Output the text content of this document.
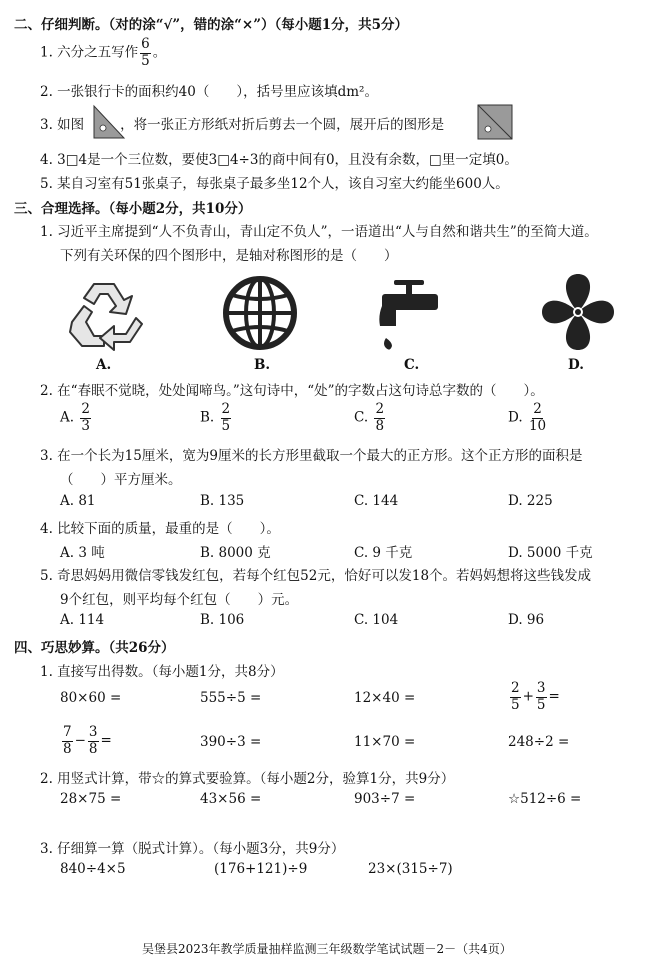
二、仔细判断。（对的涂“√”，错的涂“×”）（每小题1分，共5分）
1. 六分之五写作 $\frac{6}{5}$ 。
2. 一张银行卡的面积约40（　　），括号里应该填dm²。
3. 如图	，将一张正方形纸对折后剪去一个圆，展开后的图形是
4. 3□4是一个三位数，要使3□4÷3的商中间有0，且没有余数，□里一定填0。
5. 某自习室有51张桌子，每张桌子最多坐12个人，该自习室大约能坐600人。
三、合理选择。（每小题2分，共10分）
1. 习近平主席提到“人不负青山，青山定不负人”，一语道出“人与自然和谐共生”的至简大道。
下列有关环保的四个图形中，是轴对称图形的是（　　）
A.	B.	C.	D.
2. 在“春眠不觉晓，处处闻啼鸟。”这句诗中，“处”的字数占这句诗总字数的（　　）。
A. $\frac{2}{3}$	B. $\frac{2}{5}$	C. $\frac{2}{8}$	D. $\frac{2}{10}$
3. 在一个长为15厘米，宽为9厘米的长方形里截取一个最大的正方形。这个正方形的面积是
（　　）平方厘米。
A. 81	B. 135	C. 144	D. 225
4. 比较下面的质量，最重的是（　　）。
A. 3 吨	B. 8000 克	C. 9 千克	D. 5000 千克
5. 奇思妈妈用微信零钱发红包，若每个红包52元，恰好可以发18个。若妈妈想将这些钱发成
9个红包，则平均每个红包（　　）元。
A. 114	B. 106	C. 104	D. 96
四、巧思妙算。（共26分）
1. 直接写出得数。（每小题1分，共8分）
80×60 =	555÷5 =	12×40 =	$\frac{2}{5} + \frac{3}{5}$ =
$\frac{7}{8} - \frac{3}{8}$ =	390÷3 =	11×70 =	248÷2 =
2. 用竖式计算，带☆的算式要验算。（每小题2分，验算1分，共9分）
28×75 =	43×56 =	903÷7 =	☆512÷6 =
3. 仔细算一算（脱式计算）。（每小题3分，共9分）
840÷4×5	(176+121)÷9	23×(315÷7)
吴堡县2023年教学质量抽样监测三年级数学笔试试题－2－（共4页）
